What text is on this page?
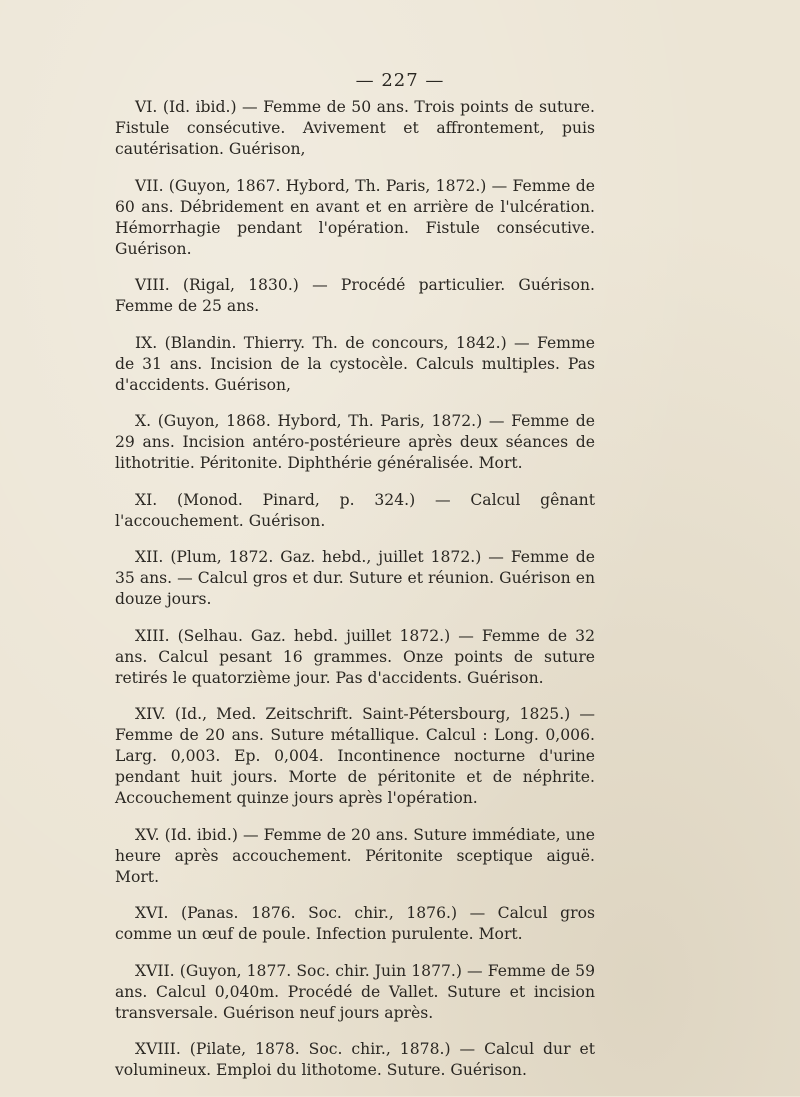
— 227 —

VI. (Id. ibid.) — Femme de 50 ans. Trois points de suture. Fistule consécutive. Avivement et affrontement, puis cautérisation. Guérison,

VII. (Guyon, 1867. Hybord, Th. Paris, 1872.) — Femme de 60 ans. Débridement en avant et en arrière de l'ulcération. Hémorrhagie pendant l'opération. Fistule consécutive. Guérison.

VIII. (Rigal, 1830.) — Procédé particulier. Guérison. Femme de 25 ans.

IX. (Blandin. Thierry. Th. de concours, 1842.) — Femme de 31 ans. Incision de la cystocèle. Calculs multiples. Pas d'accidents. Guérison,

X. (Guyon, 1868. Hybord, Th. Paris, 1872.) — Femme de 29 ans. Incision antéro-postérieure après deux séances de lithotritie. Péritonite. Diphthérie généralisée. Mort.

XI. (Monod. Pinard, p. 324.) — Calcul gênant l'accouchement. Guérison.

XII. (Plum, 1872. Gaz. hebd., juillet 1872.) — Femme de 35 ans. — Calcul gros et dur. Suture et réunion. Guérison en douze jours.

XIII. (Selhau. Gaz. hebd. juillet 1872.) — Femme de 32 ans. Calcul pesant 16 grammes. Onze points de suture retirés le quatorzième jour. Pas d'accidents. Guérison.

XIV. (Id., Med. Zeitschrift. Saint-Pétersbourg, 1825.) — Femme de 20 ans. Suture métallique. Calcul : Long. 0,006. Larg. 0,003. Ep. 0,004. Incontinence nocturne d'urine pendant huit jours. Morte de péritonite et de néphrite. Accouchement quinze jours après l'opération.

XV. (Id. ibid.) — Femme de 20 ans. Suture immédiate, une heure après accouchement. Péritonite sceptique aiguë. Mort.

XVI. (Panas. 1876. Soc. chir., 1876.) — Calcul gros comme un œuf de poule. Infection purulente. Mort.

XVII. (Guyon, 1877. Soc. chir. Juin 1877.) — Femme de 59 ans. Calcul 0,040m. Procédé de Vallet. Suture et incision transversale. Guérison neuf jours après.

XVIII. (Pilate, 1878. Soc. chir., 1878.) — Calcul dur et volumineux. Emploi du lithotome. Suture. Guérison.
